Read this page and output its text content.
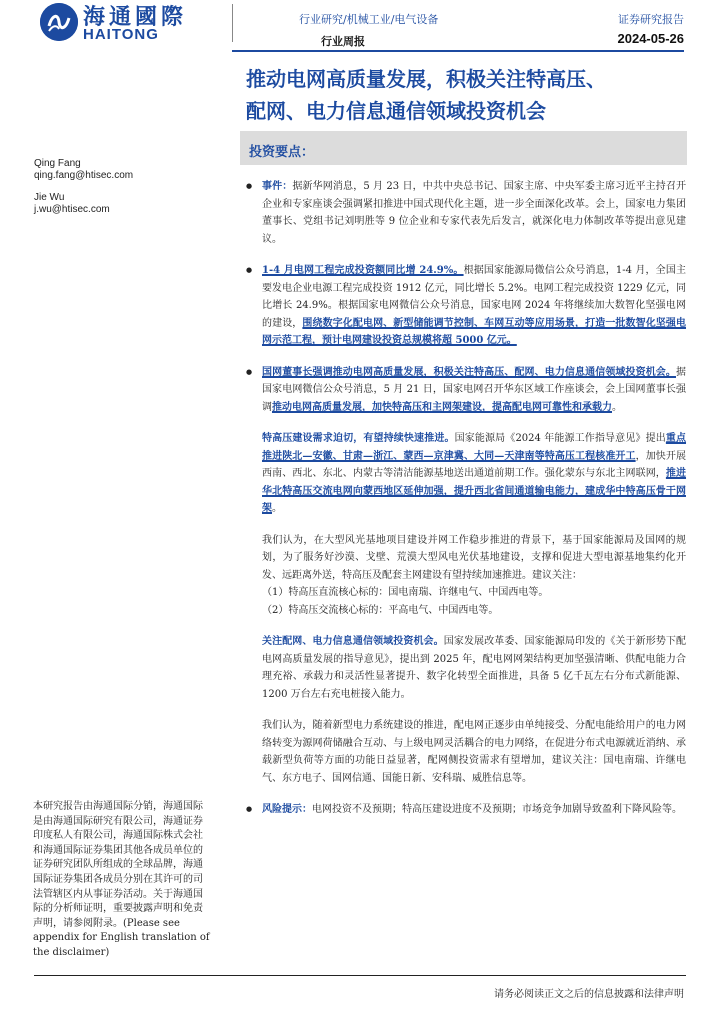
海通國際
HAITONG
行业研究/机械工业/电气设备
行业周报
证券研究报告
2024-05-26
推动电网高质量发展，积极关注特高压、
配网、电力信息通信领域投资机会
投资要点：
Qing Fang
qing.fang@htisec.com
Jie Wu
j.wu@htisec.com

● 事件：据新华网消息，5 月 23 日，中共中央总书记、国家主席、中央军委主席习近平主持召开企业和专家座谈会强调紧扣推进中国式现代化主题，进一步全面深化改革。会上，国家电力集团董事长、党组书记刘明胜等 9 位企业和专家代表先后发言，就深化电力体制改革等提出意见建议。

● 1-4 月电网工程完成投资额同比增 24.9%。根据国家能源局微信公众号消息，1-4 月，全国主要发电企业电源工程完成投资 1912 亿元，同比增长 5.2%。电网工程完成投资 1229 亿元，同比增长 24.9%。根据国家电网微信公众号消息，国家电网 2024 年将继续加大数智化坚强电网的建设，围绕数字化配电网、新型储能调节控制、车网互动等应用场景，打造一批数智化坚强电网示范工程，预计电网建设投资总规模将超 5000 亿元。

● 国网董事长强调推动电网高质量发展，积极关注特高压、配网、电力信息通信领域投资机会。据国家电网微信公众号消息，5 月 21 日，国家电网召开华东区域工作座谈会，会上国网董事长强调推动电网高质量发展，加快特高压和主网架建设，提高配电网可靠性和承载力。

特高压建设需求迫切，有望持续快速推进。国家能源局《2024 年能源工作指导意见》提出重点推进陕北—安徽、甘肃—浙江、蒙西—京津冀、大同—天津南等特高压工程核准开工，加快开展西南、西北、东北、内蒙古等清洁能源基地送出通道前期工作。强化蒙东与东北主网联网，推进华北特高压交流电网向蒙西地区延伸加强，提升西北省间通道输电能力，建成华中特高压骨干网架。

我们认为，在大型风光基地项目建设并网工作稳步推进的背景下，基于国家能源局及国网的规划，为了服务好沙漠、戈壁、荒漠大型风电光伏基地建设，支撑和促进大型电源基地集约化开发、远距离外送，特高压及配套主网建设有望持续加速推进。建议关注：
（1）特高压直流核心标的：国电南瑞、许继电气、中国西电等。
（2）特高压交流核心标的：平高电气、中国西电等。

关注配网、电力信息通信领域投资机会。国家发展改革委、国家能源局印发的《关于新形势下配电网高质量发展的指导意见》，提出到 2025 年，配电网网架结构更加坚强清晰、供配电能力合理充裕、承载力和灵活性显著提升、数字化转型全面推进，具备 5 亿千瓦左右分布式新能源、1200 万台左右充电桩接入能力。

我们认为，随着新型电力系统建设的推进，配电网正逐步由单纯接受、分配电能给用户的电力网络转变为源网荷储融合互动、与上级电网灵活耦合的电力网络，在促进分布式电源就近消纳、承载新型负荷等方面的功能日益显著，配网侧投资需求有望增加，建议关注：国电南瑞、许继电气、东方电子、国网信通、国能日新、安科瑞、威胜信息等。

● 风险提示：电网投资不及预期；特高压建设进度不及预期；市场竞争加剧导致盈利下降风险等。

本研究报告由海通国际分销，海通国际是由海通国际研究有限公司，海通证券印度私人有限公司，海通国际株式会社和海通国际证券集团其他各成员单位的证券研究团队所组成的全球品牌，海通国际证券集团各成员分别在其许可的司法管辖区内从事证券活动。关于海通国际的分析师证明，重要披露声明和免责声明，请参阅附录。(Please see appendix for English translation of the disclaimer)
请务必阅读正文之后的信息披露和法律声明
